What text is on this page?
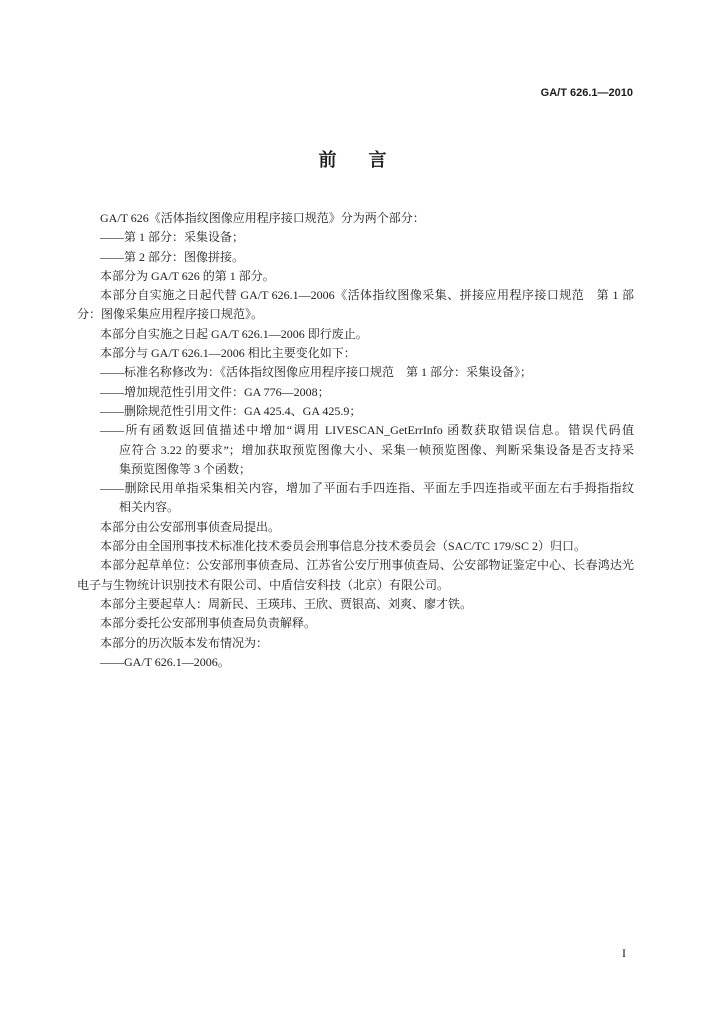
GA/T 626.1—2010
前　言
GA/T 626《活体指纹图像应用程序接口规范》分为两个部分：
——第 1 部分：采集设备；
——第 2 部分：图像拼接。
本部分为 GA/T 626 的第 1 部分。
本部分自实施之日起代替 GA/T 626.1—2006《活体指纹图像采集、拼接应用程序接口规范　第 1 部
分：图像采集应用程序接口规范》。
本部分自实施之日起 GA/T 626.1—2006 即行废止。
本部分与 GA/T 626.1—2006 相比主要变化如下：
——标准名称修改为：《活体指纹图像应用程序接口规范　第 1 部分：采集设备》；
——增加规范性引用文件：GA 776—2008；
——删除规范性引用文件：GA 425.4、GA 425.9；
——所有函数返回值描述中增加“调用 LIVESCAN_GetErrInfo 函数获取错误信息。错误代码值
应符合 3.22 的要求”；增加获取预览图像大小、采集一帧预览图像、判断采集设备是否支持采
集预览图像等 3 个函数；
——删除民用单指采集相关内容，增加了平面右手四连指、平面左手四连指或平面左右手拇指指纹
相关内容。
本部分由公安部刑事侦查局提出。
本部分由全国刑事技术标准化技术委员会刑事信息分技术委员会（SAC/TC 179/SC 2）归口。
本部分起草单位：公安部刑事侦查局、江苏省公安厅刑事侦查局、公安部物证鉴定中心、长春鸿达光
电子与生物统计识别技术有限公司、中盾信安科技（北京）有限公司。
本部分主要起草人：周新民、王瑛玮、王欣、贾银高、刘爽、廖才铁。
本部分委托公安部刑事侦查局负责解释。
本部分的历次版本发布情况为：
——GA/T 626.1—2006。
I
